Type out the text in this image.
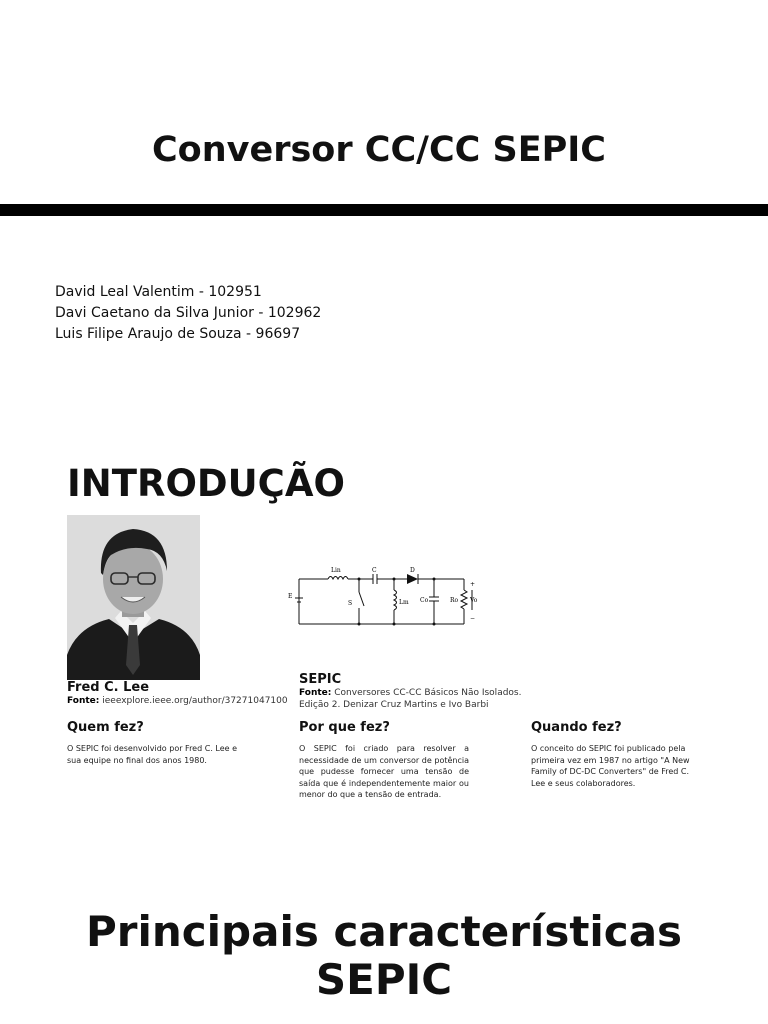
Conversor CC/CC SEPIC
David Leal Valentim - 102951
Davi Caetano da Silva Junior - 102962
Luis Filipe Araujo de Souza - 96697
INTRODUÇÃO
Fred C. Lee
Fonte: ieeexplore.ieee.org/author/37271047100
E
Lin	C	D
S	Lm Co	Ro Vo
+
−
SEPIC
Fonte: Conversores CC-CC Básicos Não Isolados.
Edição 2. Denizar Cruz Martins e Ivo Barbi
Quem fez?
O SEPIC foi desenvolvido por Fred C. Lee e sua equipe no final dos anos 1980.
Por que fez?
O SEPIC foi criado para resolver a necessidade de um conversor de potência que pudesse fornecer uma tensão de saída que é independentemente maior ou menor do que a tensão de entrada.
Quando fez?
O conceito do SEPIC foi publicado pela primeira vez em 1987 no artigo "A New Family of DC-DC Converters" de Fred C. Lee e seus colaboradores.
Principais características
SEPIC
